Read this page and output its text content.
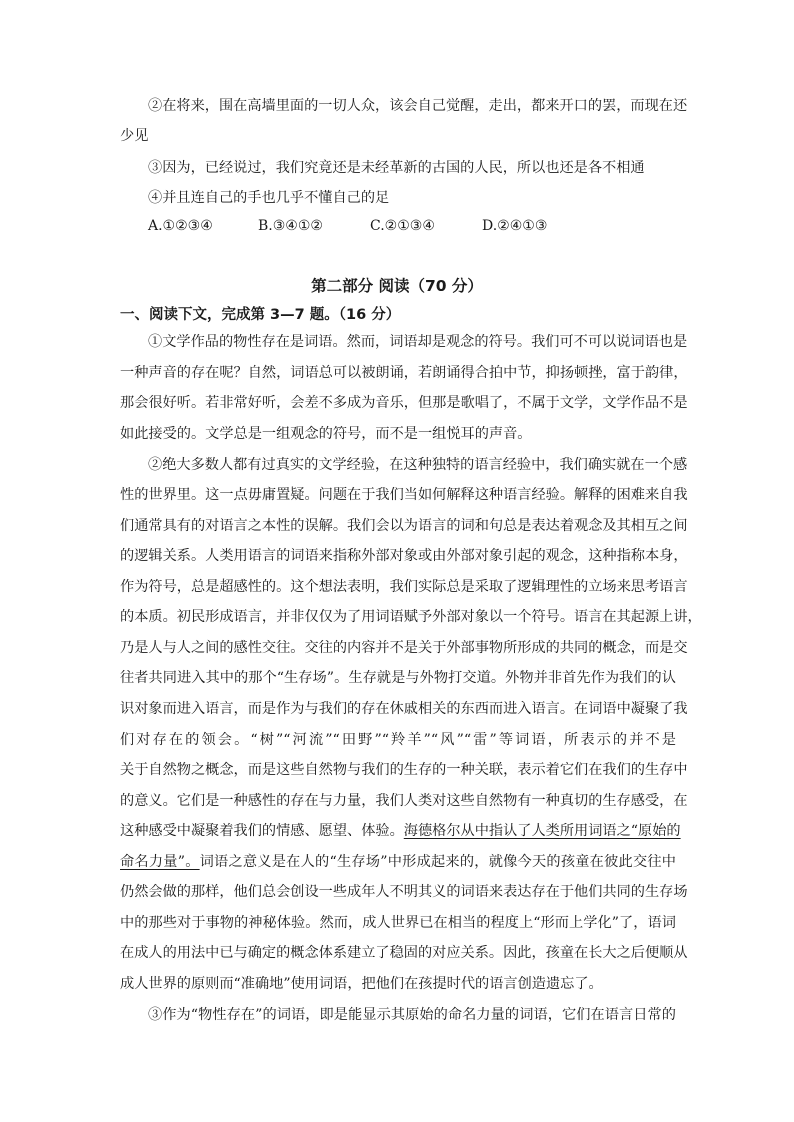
②在将来，围在高墙里面的一切人众，该会自己觉醒，走出，都来开口的罢，而现在还
少见
③因为，已经说过，我们究竟还是未经革新的古国的人民，所以也还是各不相通
④并且连自己的手也几乎不懂自己的足
A.①②③④	B.③④①②	C.②①③④	D.②④①③
第二部分 阅读（70 分）
一、阅读下文，完成第 3—7 题。（16 分）
①文学作品的物性存在是词语。然而，词语却是观念的符号。我们可不可以说词语也是
一种声音的存在呢？自然，词语总可以被朗诵，若朗诵得合拍中节，抑扬顿挫，富于韵律，
那会很好听。若非常好听，会差不多成为音乐，但那是歌唱了，不属于文学，文学作品不是
如此接受的。文学总是一组观念的符号，而不是一组悦耳的声音。
②绝大多数人都有过真实的文学经验，在这种独特的语言经验中，我们确实就在一个感
性的世界里。这一点毋庸置疑。问题在于我们当如何解释这种语言经验。解释的困难来自我
们通常具有的对语言之本性的误解。我们会以为语言的词和句总是表达着观念及其相互之间
的逻辑关系。人类用语言的词语来指称外部对象或由外部对象引起的观念，这种指称本身，
作为符号，总是超感性的。这个想法表明，我们实际总是采取了逻辑理性的立场来思考语言
的本质。初民形成语言，并非仅仅为了用词语赋予外部对象以一个符号。语言在其起源上讲，
乃是人与人之间的感性交往。交往的内容并不是关于外部事物所形成的共同的概念，而是交
往者共同进入其中的那个“生存场”。生存就是与外物打交道。外物并非首先作为我们的认
识对象而进入语言，而是作为与我们的存在休戚相关的东西而进入语言。在词语中凝聚了我
们对存在的领会。“树”“河流”“田野”“羚羊”“风”“雷”等词语，所表示的并不是
关于自然物之概念，而是这些自然物与我们的生存的一种关联，表示着它们在我们的生存中
的意义。它们是一种感性的存在与力量，我们人类对这些自然物有一种真切的生存感受，在
这种感受中凝聚着我们的情感、愿望、体验。海德格尔从中指认了人类所用词语之“原始的
命名力量”。词语之意义是在人的“生存场”中形成起来的，就像今天的孩童在彼此交往中
仍然会做的那样，他们总会创设一些成年人不明其义的词语来表达存在于他们共同的生存场
中的那些对于事物的神秘体验。然而，成人世界已在相当的程度上“形而上学化”了，语词
在成人的用法中已与确定的概念体系建立了稳固的对应关系。因此，孩童在长大之后便顺从
成人世界的原则而“准确地”使用词语，把他们在孩提时代的语言创造遗忘了。
③作为“物性存在”的词语，即是能显示其原始的命名力量的词语，它们在语言日常的
